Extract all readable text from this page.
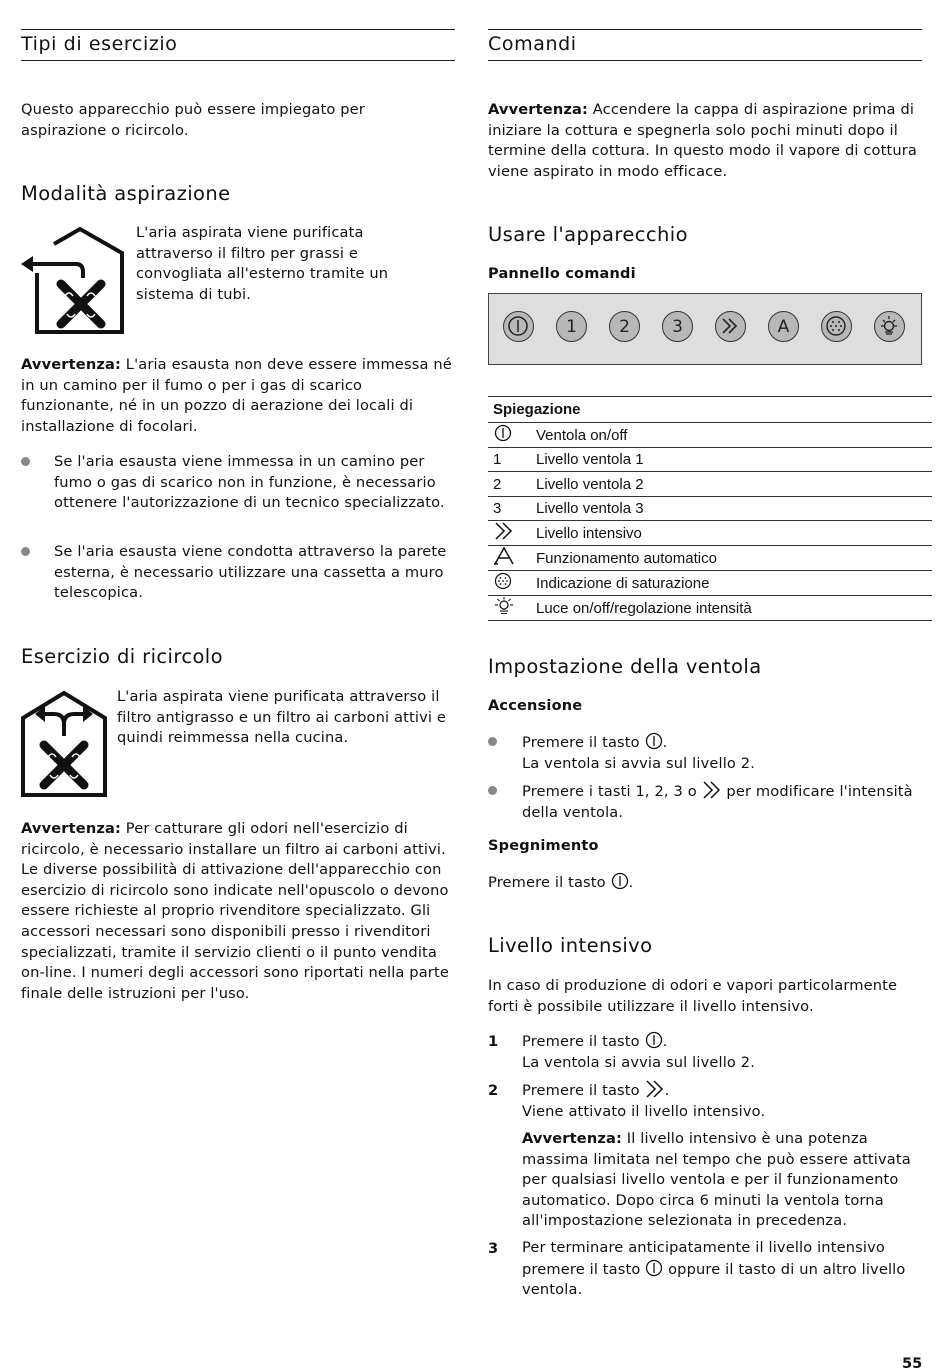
Tipi di esercizio

Questo apparecchio può essere impiegato per aspirazione o ricircolo.

Modalità aspirazione

L'aria aspirata viene purificata attraverso il filtro per grassi e convogliata all'esterno tramite un sistema di tubi.

Avvertenza: L'aria esausta non deve essere immessa né in un camino per il fumo o per i gas di scarico funzionante, né in un pozzo di aerazione dei locali di installazione di focolari.

Se l'aria esausta viene immessa in un camino per fumo o gas di scarico non in funzione, è necessario ottenere l'autorizzazione di un tecnico specializzato.

Se l'aria esausta viene condotta attraverso la parete esterna, è necessario utilizzare una cassetta a muro telescopica.

Esercizio di ricircolo

L'aria aspirata viene purificata attraverso il filtro antigrasso e un filtro ai carboni attivi e quindi reimmessa nella cucina.

Avvertenza: Per catturare gli odori nell'esercizio di ricircolo, è necessario installare un filtro ai carboni attivi. Le diverse possibilità di attivazione dell'apparecchio con esercizio di ricircolo sono indicate nell'opuscolo o devono essere richieste al proprio rivenditore specializzato. Gli accessori necessari sono disponibili presso i rivenditori specializzati, tramite il servizio clienti o il punto vendita on-line. I numeri degli accessori sono riportati nella parte finale delle istruzioni per l'uso.

Comandi

Avvertenza: Accendere la cappa di aspirazione prima di iniziare la cottura e spegnerla solo pochi minuti dopo il termine della cottura. In questo modo il vapore di cottura viene aspirato in modo efficace.

Usare l'apparecchio
Pannello comandi
1	2	3	A
Spiegazione	
	Ventola on/off
1	Livello ventola 1
2	Livello ventola 2
3	Livello ventola 3
	Livello intensivo
	Funzionamento automatico
	Indicazione di saturazione
	Luce on/off/regolazione intensità
Impostazione della ventola
Accensione

Premere il tasto .
La ventola si avvia sul livello 2.

Premere i tasti 1, 2, 3 o per modificare l'intensità della ventola.

Spegnimento

Premere il tasto .

Livello intensivo

In caso di produzione di odori e vapori particolarmente forti è possibile utilizzare il livello intensivo.

1 Premere il tasto .
La ventola si avvia sul livello 2.

2 Premere il tasto .
Viene attivato il livello intensivo.

Avvertenza: Il livello intensivo è una potenza massima limitata nel tempo che può essere attivata per qualsiasi livello ventola e per il funzionamento automatico. Dopo circa 6 minuti la ventola torna all'impostazione selezionata in precedenza.

3 Per terminare anticipatamente il livello intensivo premere il tasto oppure il tasto di un altro livello ventola.

55
